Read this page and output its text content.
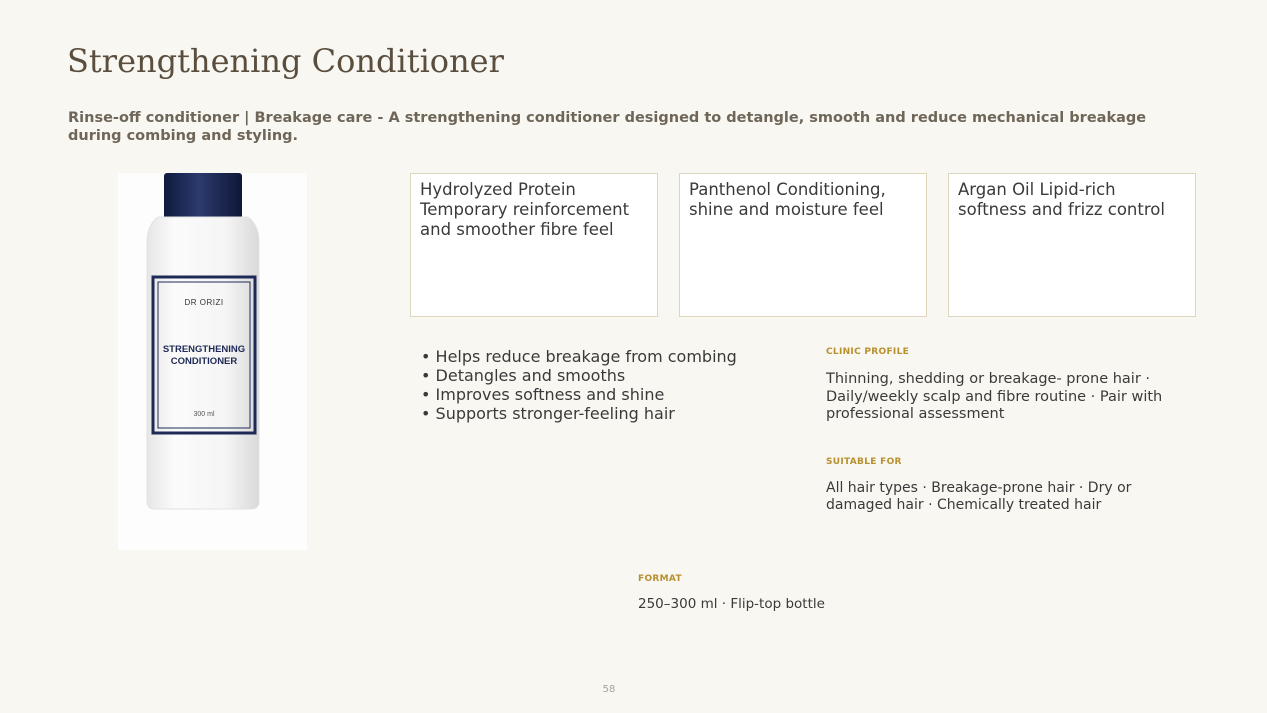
Strengthening Conditioner

Rinse-off conditioner | Breakage care - A strengthening conditioner designed to detangle, smooth and reduce mechanical breakage during combing and styling.

DR ORIZI
STRENGTHENING
CONDITIONER
300 ml
Hydrolyzed Protein Temporary reinforcement and smoother fibre feel
Panthenol Conditioning, shine and moisture feel
Argan Oil Lipid-rich softness and frizz control
• Helps reduce breakage from combing
• Detangles and smooths
• Improves softness and shine
• Supports stronger-feeling hair
CLINIC PROFILE

Thinning, shedding or breakage- prone hair · Daily/weekly scalp and fibre routine · Pair with professional assessment

SUITABLE FOR

All hair types · Breakage-prone hair · Dry or damaged hair · Chemically treated hair

FORMAT

250–300 ml · Flip-top bottle

58
